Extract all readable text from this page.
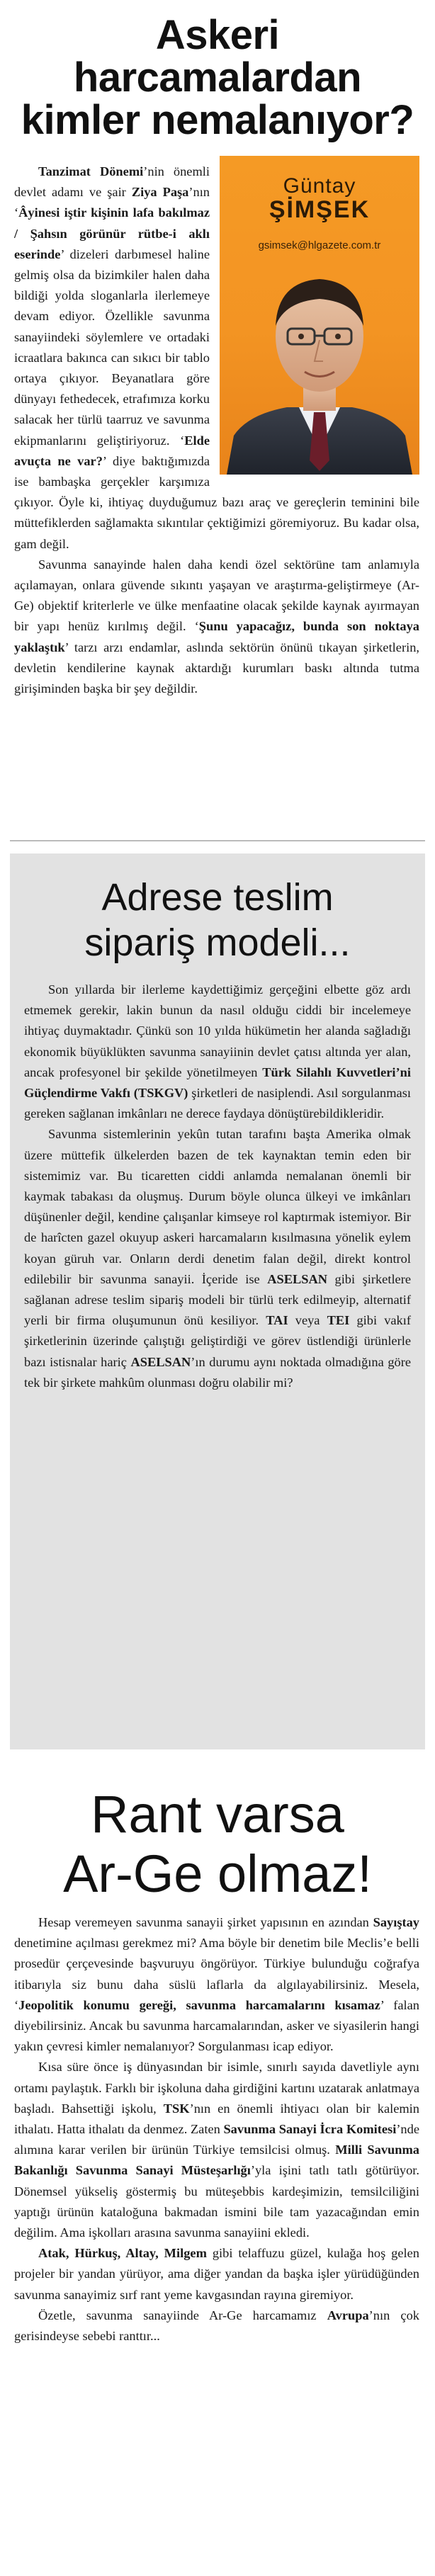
Askeri
harcamalardan
kimler nemalanıyor?
Güntay
ŞİMŞEK
gsimsek@hlgazete.com.tr

Tanzimat Dönemi’nin önemli devlet adamı ve şair Ziya Paşa’nın ‘Âyinesi iştir kişinin lafa bakılmaz / Şahsın görünür rütbe-i aklı eserinde’ dizeleri darbımesel haline gelmiş olsa da bizimkiler halen daha bildiği yolda sloganlarla ilerlemeye devam ediyor. Özellikle savunma sanayiindeki söylemlere ve ortadaki icraatlara bakınca can sıkıcı bir tablo ortaya çıkıyor. Beyanatlara göre dünyayı fethedecek, etrafımıza korku salacak her türlü taarruz ve savunma ekipmanlarını geliştiriyoruz. ‘Elde avuçta ne var?’ diye baktığımızda ise bambaşka gerçekler karşımıza çıkıyor. Öyle ki, ihtiyaç duyduğumuz bazı araç ve gereçlerin teminini bile müttefiklerden sağlamakta sıkıntılar çektiğimizi göremiyoruz. Bu kadar olsa, gam değil.

Savunma sanayinde halen daha kendi özel sektörüne tam anlamıyla açılamayan, onlara güvende sıkıntı yaşayan ve araştırma-geliştirmeye (Ar-Ge) objektif kriterlerle ve ülke menfaatine olacak şekilde kaynak ayırmayan bir yapı henüz kırılmış değil. ‘Şunu yapacağız, bunda son noktaya yaklaştık’ tarzı arzı endamlar, aslında sektörün önünü tıkayan şirketlerin, devletin kendilerine kaynak aktardığı kurumları baskı altında tutma girişiminden başka bir şey değildir.

Adrese teslim
sipariş modeli...

Son yıllarda bir ilerleme kaydettiğimiz gerçeğini elbette göz ardı etmemek gerekir, lakin bunun da nasıl olduğu ciddi bir incelemeye ihtiyaç duymaktadır. Çünkü son 10 yılda hükümetin her alanda sağladığı ekonomik büyüklükten savunma sanayiinin devlet çatısı altında yer alan, ancak profesyonel bir şekilde yönetilmeyen Türk Silahlı Kuvvetleri’ni Güçlendirme Vakfı (TSKGV) şirketleri de nasiplendi. Asıl sorgulanması gereken sağlanan imkânları ne derece faydaya dönüştürebildikleridir.

Savunma sistemlerinin yekûn tutan tarafını başta Amerika olmak üzere müttefik ülkelerden bazen de tek kaynaktan temin eden bir sistemimiz var. Bu ticaretten ciddi anlamda nemalanan önemli bir kaymak tabakası da oluşmuş. Durum böyle olunca ülkeyi ve imkânları düşünenler değil, kendine çalışanlar kimseye rol kaptırmak istemiyor. Bir de harîcten gazel okuyup askeri harcamaların kısılmasına yönelik eylem koyan güruh var. Onların derdi denetim falan değil, direkt kontrol edilebilir bir savunma sanayii. İçeride ise ASELSAN gibi şirketlere sağlanan adrese teslim sipariş modeli bir türlü terk edilmeyip, alternatif yerli bir firma oluşumunun önü kesiliyor. TAI veya TEI gibi vakıf şirketlerinin üzerinde çalıştığı geliştirdiği ve görev üstlendiği ürünlerle bazı istisnalar hariç ASELSAN’ın durumu aynı noktada olmadığına göre tek bir şirkete mahkûm olunması doğru olabilir mi?

Rant varsa
Ar-Ge olmaz!

Hesap veremeyen savunma sanayii şirket yapısının en azından Sayıştay denetimine açılması gerekmez mi? Ama böyle bir denetim bile Meclis’e belli prosedür çerçevesinde başvuruyu öngörüyor. Türkiye bulunduğu coğrafya itibarıyla siz bunu daha süslü laflarla da algılayabilirsiniz. Mesela, ‘Jeopolitik konumu gereği, savunma harcamalarını kısamaz’ falan diyebilirsiniz. Ancak bu savunma harcamalarından, asker ve siyasilerin hangi yakın çevresi kimler nemalanıyor? Sorgulanması icap ediyor.

Kısa süre önce iş dünyasından bir isimle, sınırlı sayıda davetliyle aynı ortamı paylaştık. Farklı bir işkoluna daha girdiğini kartını uzatarak anlatmaya başladı. Bahsettiği işkolu, TSK’nın en önemli ihtiyacı olan bir kalemin ithalatı. Hatta ithalatı da denmez. Zaten Savunma Sanayi İcra Komitesi’nde alımına karar verilen bir ürünün Türkiye temsilcisi olmuş. Milli Savunma Bakanlığı Savunma Sanayi Müsteşarlığı’yla işini tatlı tatlı götürüyor. Dönemsel yükseliş göstermiş bu müteşebbis kardeşimizin, temsilciliğini yaptığı ürünün kataloğuna bakmadan ismini bile tam yazacağından emin değilim. Ama işkolları arasına savunma sanayiini ekledi.

Atak, Hürkuş, Altay, Milgem gibi telaffuzu güzel, kulağa hoş gelen projeler bir yandan yürüyor, ama diğer yandan da başka işler yürüdüğünden savunma sanayimiz sırf rant yeme kavgasından rayına giremiyor.

Özetle, savunma sanayiinde Ar-Ge harcamamız Avrupa’nın çok gerisindeyse sebebi ranttır...
